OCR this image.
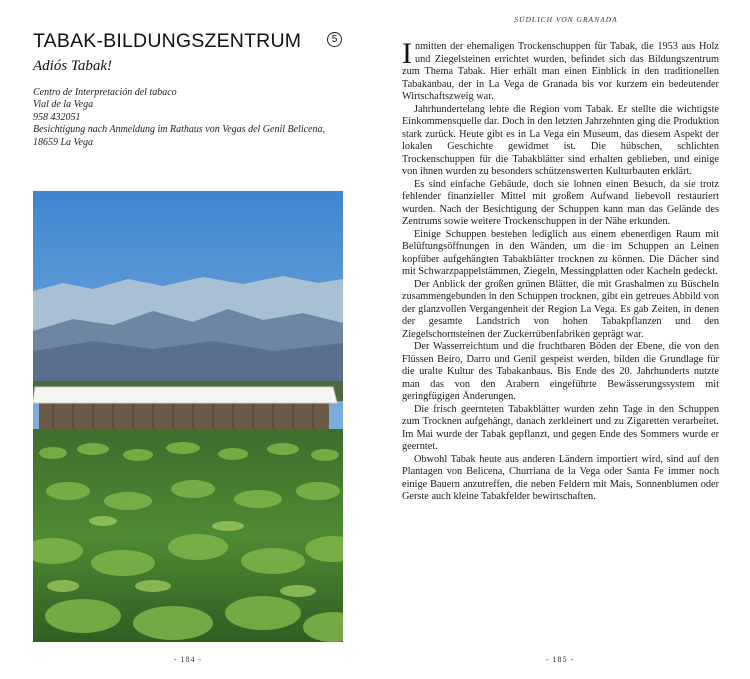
TABAK-BILDUNGSZENTRUM	5
Adiós Tabak!
Centro de Interpretación del tabaco
Vial de la Vega
958 432051
Besichtigung nach Anmeldung im Rathaus von Vegas del Genil Belicena,
18659 La Vega
- 184 -
SÜDLICH VON GRANADA

Inmitten der ehemaligen Trockenschuppen für Tabak, die 1953 aus Holz und Ziegelsteinen errichtet wurden, befindet sich das Bildungszentrum zum Thema Tabak. Hier erhält man einen Einblick in den traditionellen Tabakanbau, der in La Vega de Granada bis vor kurzem ein bedeutender Wirtschaftszweig war.

Jahrhundertelang lebte die Region vom Tabak. Er stellte die wichtigste Einkommensquelle dar. Doch in den letzten Jahrzehnten ging die Produktion stark zurück. Heute gibt es in La Vega ein Museum, das diesem Aspekt der lokalen Geschichte gewidmet ist. Die hübschen, schlichten Trockenschuppen für die Tabakblätter sind erhalten geblieben, und einige von ihnen wurden zu besonders schützenswerten Kulturbauten erklärt.

Es sind einfache Gebäude, doch sie lohnen einen Besuch, da sie trotz fehlender finanzieller Mittel mit großem Aufwand liebevoll restauriert wurden. Nach der Besichtigung der Schuppen kann man das Gelände des Zentrums sowie weitere Trockenschuppen in der Nähe erkunden.

Einige Schuppen bestehen lediglich aus einem ebenerdigen Raum mit Belüftungsöffnungen in den Wänden, um die im Schuppen an Leinen kopfüber aufgehängten Tabakblätter trocknen zu können. Die Dächer sind mit Schwarzpappelstämmen, Ziegeln, Messingplatten oder Kacheln gedeckt.

Der Anblick der großen grünen Blätter, die mit Grashalmen zu Büscheln zusammengebunden in den Schuppen trocknen, gibt ein getreues Abbild von der glanzvollen Vergangenheit der Region La Vega. Es gab Zeiten, in denen der gesamte Landstrich von hohen Tabakpflanzen und den Ziegelschornsteinen der Zuckerrübenfabriken geprägt war.

Der Wasserreichtum und die fruchtbaren Böden der Ebene, die von den Flüssen Beiro, Darro und Genil gespeist werden, bilden die Grundlage für die uralte Kultur des Tabakanbaus. Bis Ende des 20. Jahrhunderts nutzte man das von den Arabern eingeführte Bewässerungssystem mit geringfügigen Änderungen.

Die frisch geernteten Tabakblätter wurden zehn Tage in den Schuppen zum Trocknen aufgehängt, danach zerkleinert und zu Zigaretten verarbeitet. Im Mai wurde der Tabak gepflanzt, und gegen Ende des Sommers wurde er geerntet.

Obwohl Tabak heute aus anderen Ländern importiert wird, sind auf den Plantagen von Belicena, Churriana de la Vega oder Santa Fe immer noch einige Bauern anzutreffen, die neben Feldern mit Mais, Sonnenblumen oder Gerste auch kleine Tabakfelder bewirtschaften.

- 185 -
